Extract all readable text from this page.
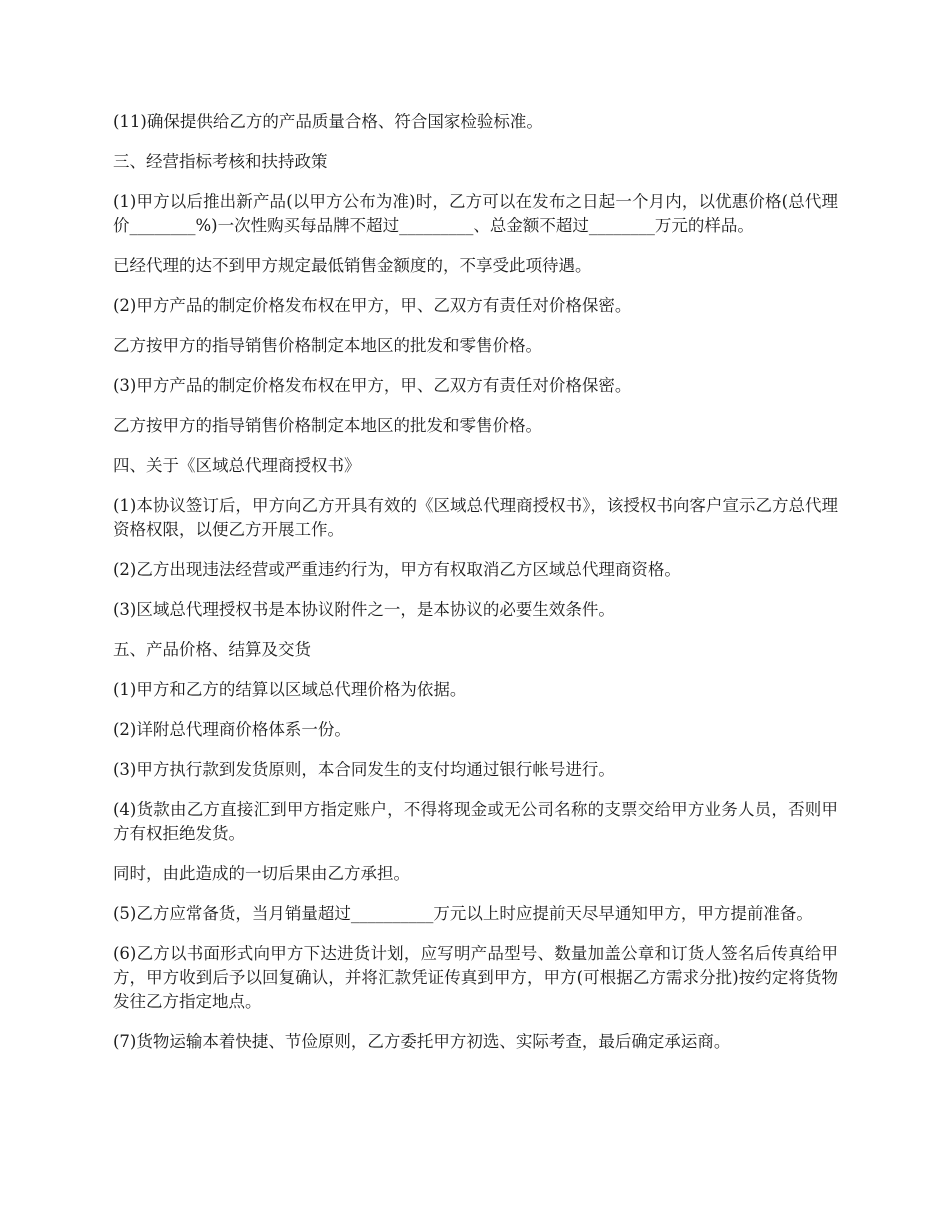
(11)确保提供给乙方的产品质量合格、符合国家检验标准。

三、经营指标考核和扶持政策

(1)甲方以后推出新产品(以甲方公布为准)时，乙方可以在发布之日起一个月内，以优惠价格(总代理价________%)一次性购买每品牌不超过_________、总金额不超过________万元的样品。

已经代理的达不到甲方规定最低销售金额度的，不享受此项待遇。

(2)甲方产品的制定价格发布权在甲方，甲、乙双方有责任对价格保密。

乙方按甲方的指导销售价格制定本地区的批发和零售价格。

(3)甲方产品的制定价格发布权在甲方，甲、乙双方有责任对价格保密。

乙方按甲方的指导销售价格制定本地区的批发和零售价格。

四、关于《区域总代理商授权书》

(1)本协议签订后，甲方向乙方开具有效的《区域总代理商授权书》，该授权书向客户宣示乙方总代理资格权限，以便乙方开展工作。

(2)乙方出现违法经营或严重违约行为，甲方有权取消乙方区域总代理商资格。

(3)区域总代理授权书是本协议附件之一，是本协议的必要生效条件。

五、产品价格、结算及交货

(1)甲方和乙方的结算以区域总代理价格为依据。

(2)详附总代理商价格体系一份。

(3)甲方执行款到发货原则，本合同发生的支付均通过银行帐号进行。

(4)货款由乙方直接汇到甲方指定账户，不得将现金或无公司名称的支票交给甲方业务人员，否则甲方有权拒绝发货。

同时，由此造成的一切后果由乙方承担。

(5)乙方应常备货，当月销量超过__________万元以上时应提前天尽早通知甲方，甲方提前准备。

(6)乙方以书面形式向甲方下达进货计划，应写明产品型号、数量加盖公章和订货人签名后传真给甲方，甲方收到后予以回复确认，并将汇款凭证传真到甲方，甲方(可根据乙方需求分批)按约定将货物发往乙方指定地点。

(7)货物运输本着快捷、节俭原则，乙方委托甲方初选、实际考查，最后确定承运商。
